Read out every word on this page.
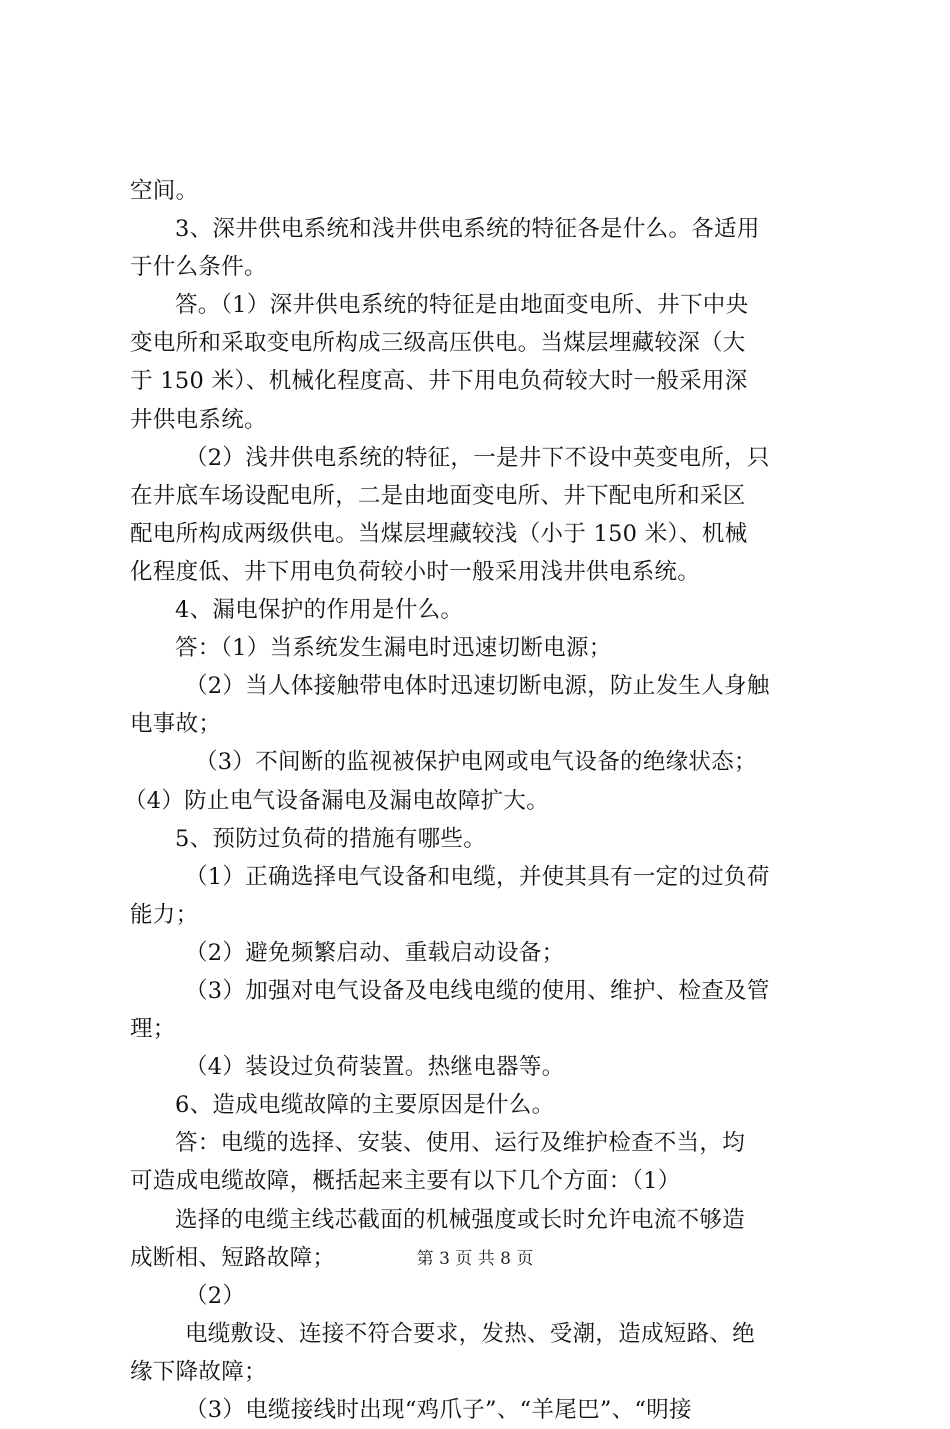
空间。
3、深井供电系统和浅井供电系统的特征各是什么。各适用
于什么条件。
答。（1）深井供电系统的特征是由地面变电所、井下中央
变电所和采取变电所构成三级高压供电。当煤层埋藏较深（大
于 150 米）、机械化程度高、井下用电负荷较大时一般采用深
井供电系统。
（2）浅井供电系统的特征，一是井下不设中英变电所，只
在井底车场设配电所，二是由地面变电所、井下配电所和采区
配电所构成两级供电。当煤层埋藏较浅（小于 150 米）、机械
化程度低、井下用电负荷较小时一般采用浅井供电系统。
4、漏电保护的作用是什么。
答：（1）当系统发生漏电时迅速切断电源；
（2）当人体接触带电体时迅速切断电源，防止发生人身触
电事故；
（3）不间断的监视被保护电网或电气设备的绝缘状态；
（4）防止电气设备漏电及漏电故障扩大。
5、预防过负荷的措施有哪些。
（1）正确选择电气设备和电缆，并使其具有一定的过负荷
能力；
（2）避免频繁启动、重载启动设备；
（3）加强对电气设备及电线电缆的使用、维护、检查及管
理；
（4）装设过负荷装置。热继电器等。
6、造成电缆故障的主要原因是什么。
答：电缆的选择、安装、使用、运行及维护检查不当，均
可造成电缆故障，概括起来主要有以下几个方面：（1）
选择的电缆主线芯截面的机械强度或长时允许电流不够造
成断相、短路故障；
（2）
电缆敷设、连接不符合要求，发热、受潮，造成短路、绝
缘下降故障；
（3）电缆接线时出现“鸡爪子”、“羊尾巴”、“明接
第 3 页 共 8 页
